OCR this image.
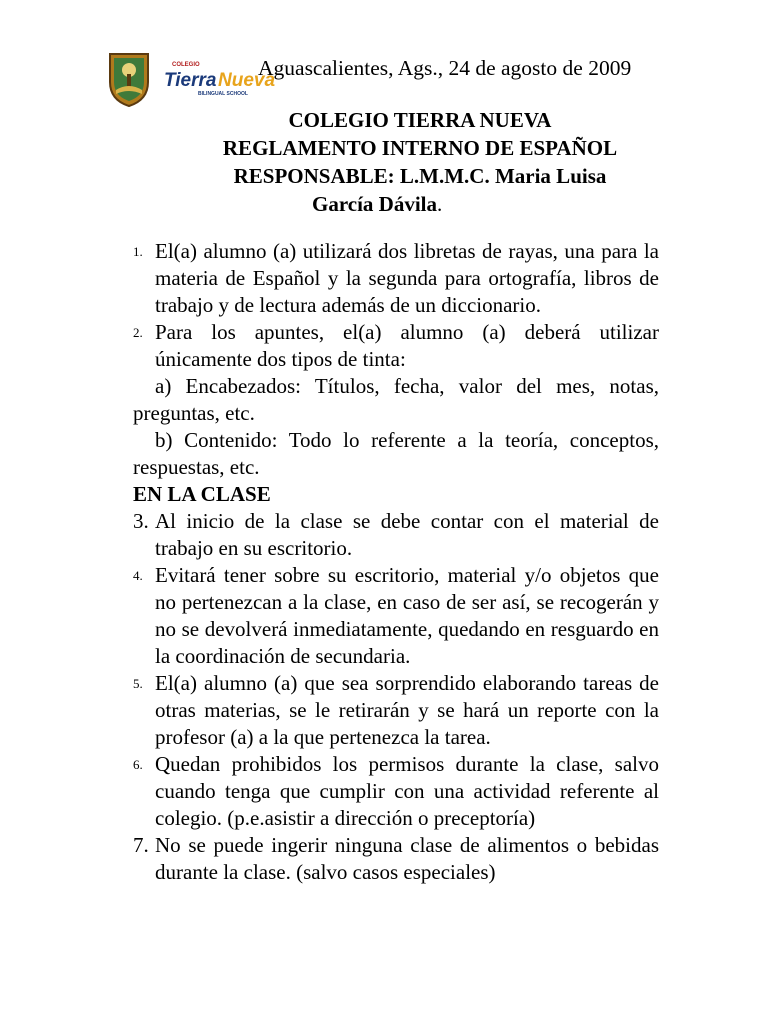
COLEGIO
Tierra Nueva
BILINGUAL SCHOOL
Aguascalientes, Ags., 24 de agosto de 2009
COLEGIO TIERRA NUEVA
REGLAMENTO INTERNO DE ESPAÑOL
RESPONSABLE: L.M.M.C. Maria Luisa
García Dávila.
1. El(a) alumno (a) utilizará dos libretas de rayas, una para la materia de Español y la segunda para ortografía, libros de trabajo y de lectura además de un diccionario.
2. Para los apuntes, el(a) alumno (a) deberá utilizar únicamente dos tipos de tinta:
a) Encabezados: Títulos, fecha, valor del mes, notas, preguntas, etc.
b) Contenido: Todo lo referente a la teoría, conceptos, respuestas, etc.
EN LA CLASE
3. Al inicio de la clase se debe contar con el material de trabajo en su escritorio.
4. Evitará tener sobre su escritorio, material y/o objetos que no pertenezcan a la clase, en caso de ser así, se recogerán y no se devolverá inmediatamente, quedando en resguardo en la coordinación de secundaria.
5. El(a) alumno (a) que sea sorprendido elaborando tareas de otras materias, se le retirarán y se hará un reporte con la profesor (a) a la que pertenezca la tarea.
6. Quedan prohibidos los permisos durante la clase, salvo cuando tenga que cumplir con una actividad referente al colegio. (p.e.asistir a dirección o preceptoría)
7. No se puede ingerir ninguna clase de alimentos o bebidas durante la clase. (salvo casos especiales)
